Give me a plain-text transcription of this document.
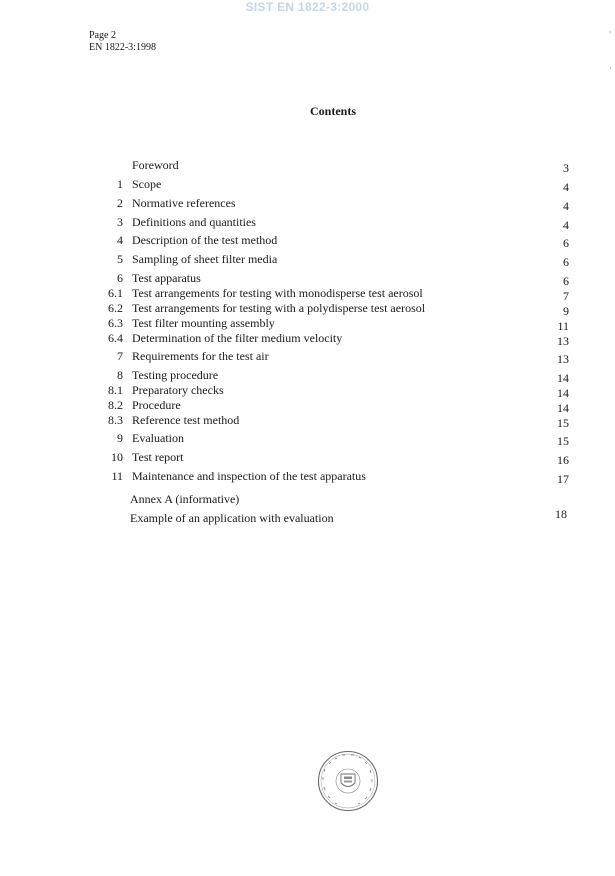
SIST EN 1822-3:2000
Page 2
EN 1822-3:1998
Contents
Foreword	3
1 Scope	4
2 Normative references	4
3 Definitions and quantities	4
4 Description of the test method	6
5 Sampling of sheet filter media	6
6 Test apparatus	6
6.1 Test arrangements for testing with monodisperse test aerosol	7
6.2 Test arrangements for testing with a polydisperse test aerosol	9
6.3 Test filter mounting assembly	11
6.4 Determination of the filter medium velocity	13
7 Requirements for the test air	13
8 Testing procedure	14
8.1 Preparatory checks	14
8.2 Procedure	14
8.3 Reference test method	15
9 Evaluation	15
10 Test report	16
11 Maintenance and inspection of the test apparatus	17
Annex A (informative)
Example of an application with evaluation	18
·
·
